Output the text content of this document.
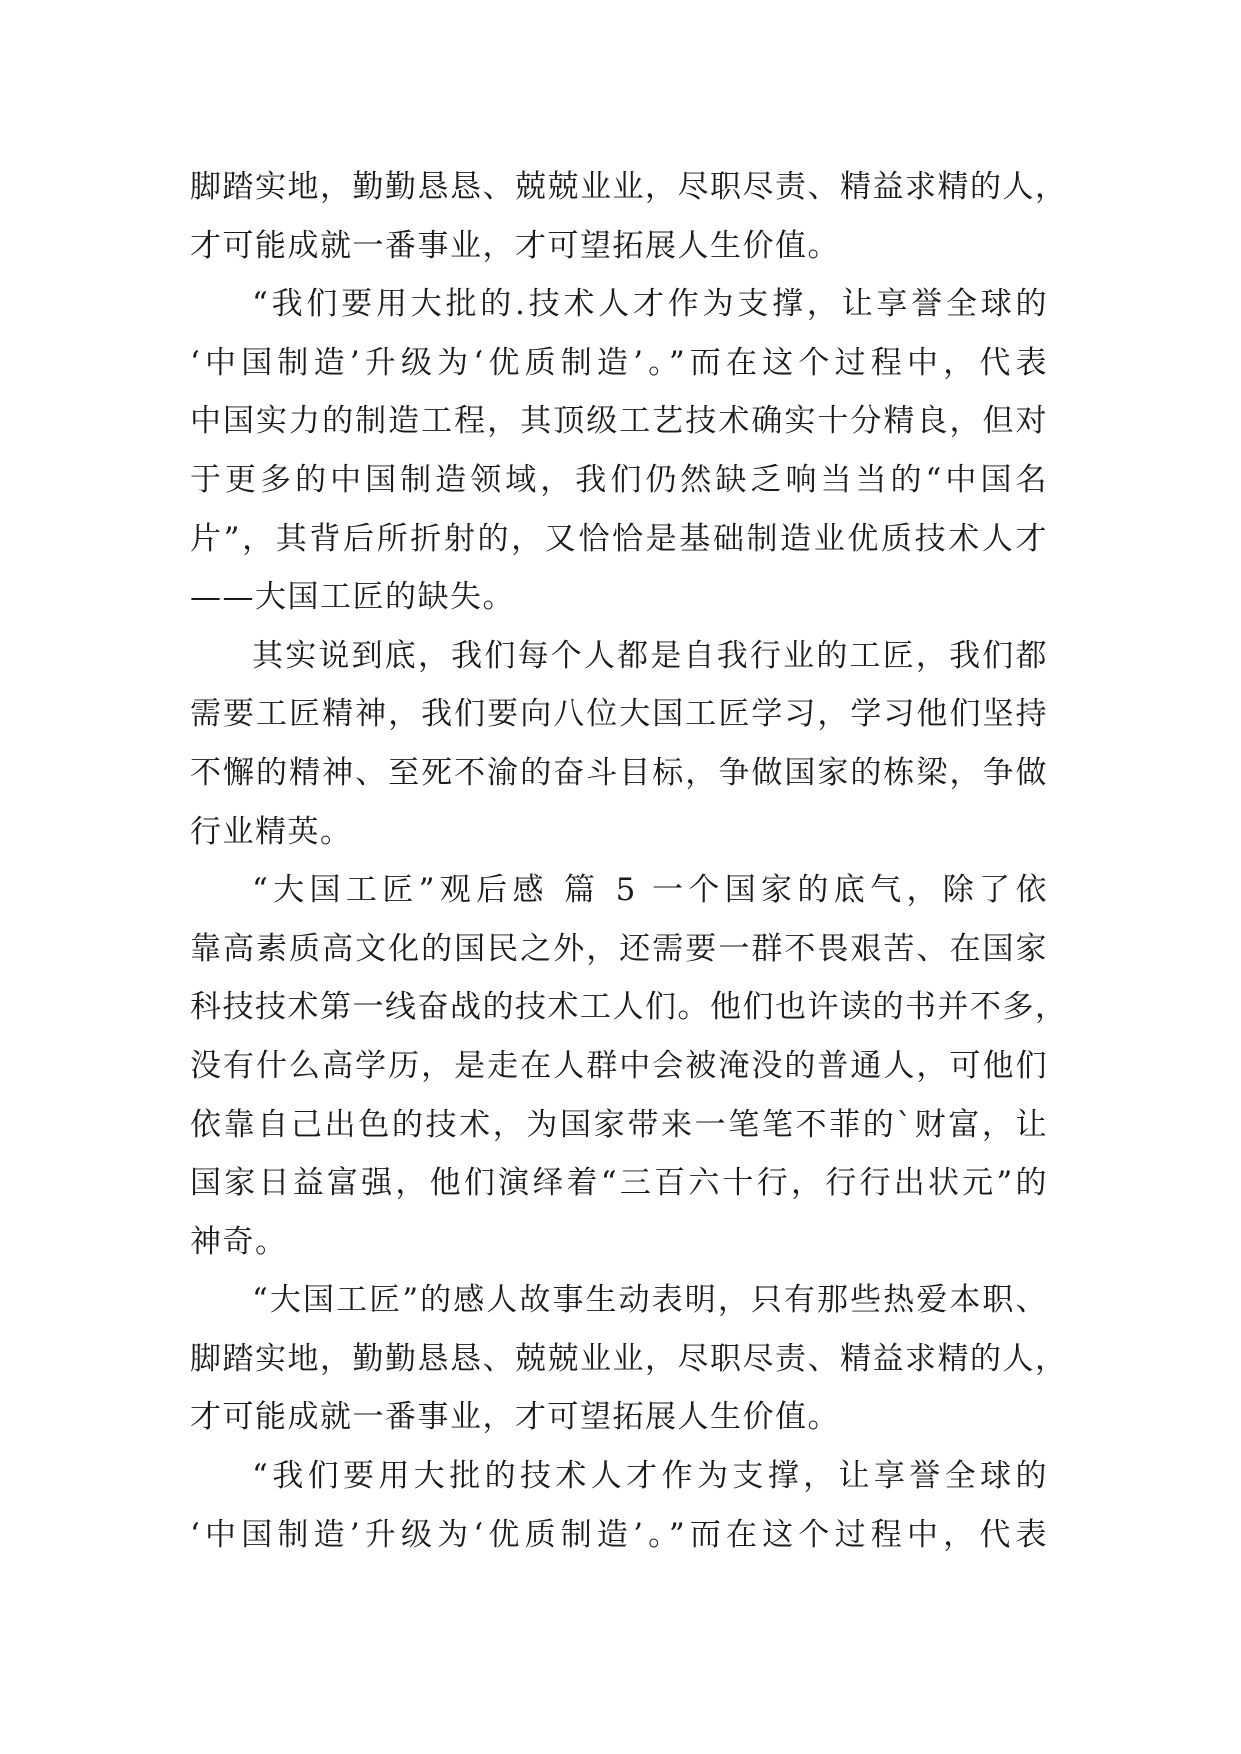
脚踏实地，勤勤恳恳、兢兢业业，尽职尽责、精益求精的人，
才可能成就一番事业，才可望拓展人生价值。
“我们要用大批的.技术人才作为支撑，让享誉全球的
‘中国制造’升级为‘优质制造’。”而在这个过程中，代表
中国实力的制造工程，其顶级工艺技术确实十分精良，但对
于更多的中国制造领域，我们仍然缺乏响当当的“中国名
片”，其背后所折射的，又恰恰是基础制造业优质技术人才
——大国工匠的缺失。
其实说到底，我们每个人都是自我行业的工匠，我们都
需要工匠精神，我们要向八位大国工匠学习，学习他们坚持
不懈的精神、至死不渝的奋斗目标，争做国家的栋梁，争做
行业精英。
“大国工匠”观后感 篇 5 一个国家的底气，除了依
靠高素质高文化的国民之外，还需要一群不畏艰苦、在国家
科技技术第一线奋战的技术工人们。他们也许读的书并不多，
没有什么高学历，是走在人群中会被淹没的普通人，可他们
依靠自己出色的技术，为国家带来一笔笔不菲的`财富，让
国家日益富强，他们演绎着“三百六十行，行行出状元”的
神奇。
“大国工匠”的感人故事生动表明，只有那些热爱本职、
脚踏实地，勤勤恳恳、兢兢业业，尽职尽责、精益求精的人，
才可能成就一番事业，才可望拓展人生价值。
“我们要用大批的技术人才作为支撑，让享誉全球的
‘中国制造’升级为‘优质制造’。”而在这个过程中，代表
